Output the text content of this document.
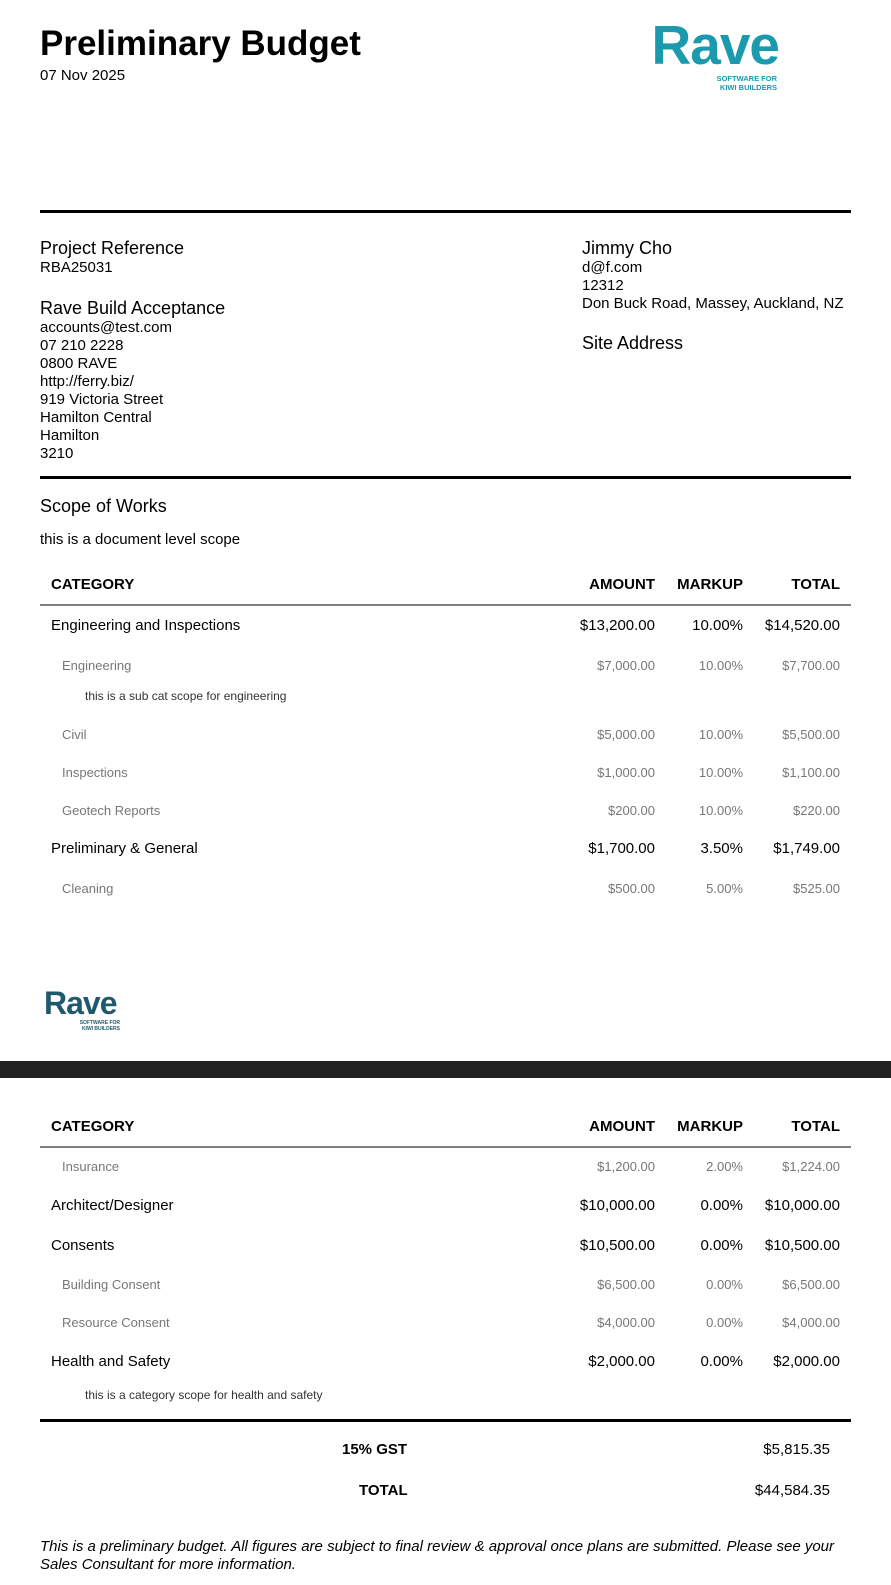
Preliminary Budget
07 Nov 2025	Rave
SOFTWARE FOR
KIWI BUILDERS
Project Reference
RBA25031
Rave Build Acceptance
accounts@test.com
07 210 2228
0800 RAVE
http://ferry.biz/
919 Victoria Street
Hamilton Central
Hamilton
3210
Jimmy Cho
d@f.com
12312
Don Buck Road, Massey, Auckland, NZ
Site Address
Scope of Works
this is a document level scope
CATEGORY	AMOUNT MARKUP	TOTAL
Engineering and Inspections	$13,200.00 10.00% $14,520.00
Engineering	$7,000.00	10.00%	$7,700.00
this is a sub cat scope for engineering
Civil	$5,000.00	10.00%	$5,500.00
Inspections	$1,000.00	10.00%	$1,100.00
Geotech Reports	$200.00	10.00%	$220.00
Preliminary & General	$1,700.00	3.50% $1,749.00
Cleaning	$500.00	5.00%	$525.00
Rave
SOFTWARE FOR
KIWI BUILDERS
CATEGORY	AMOUNT MARKUP	TOTAL
Insurance	$1,200.00	2.00%	$1,224.00
Architect/Designer	$10,000.00	0.00% $10,000.00
Consents	$10,500.00	0.00% $10,500.00
Building Consent	$6,500.00	0.00%	$6,500.00
Resource Consent	$4,000.00	0.00%	$4,000.00
Health and Safety	$2,000.00	0.00% $2,000.00
this is a category scope for health and safety
15% GST	$5,815.35
TOTAL	$44,584.35
This is a preliminary budget. All figures are subject to final review & approval once plans are submitted. Please see your Sales Consultant for more information.
